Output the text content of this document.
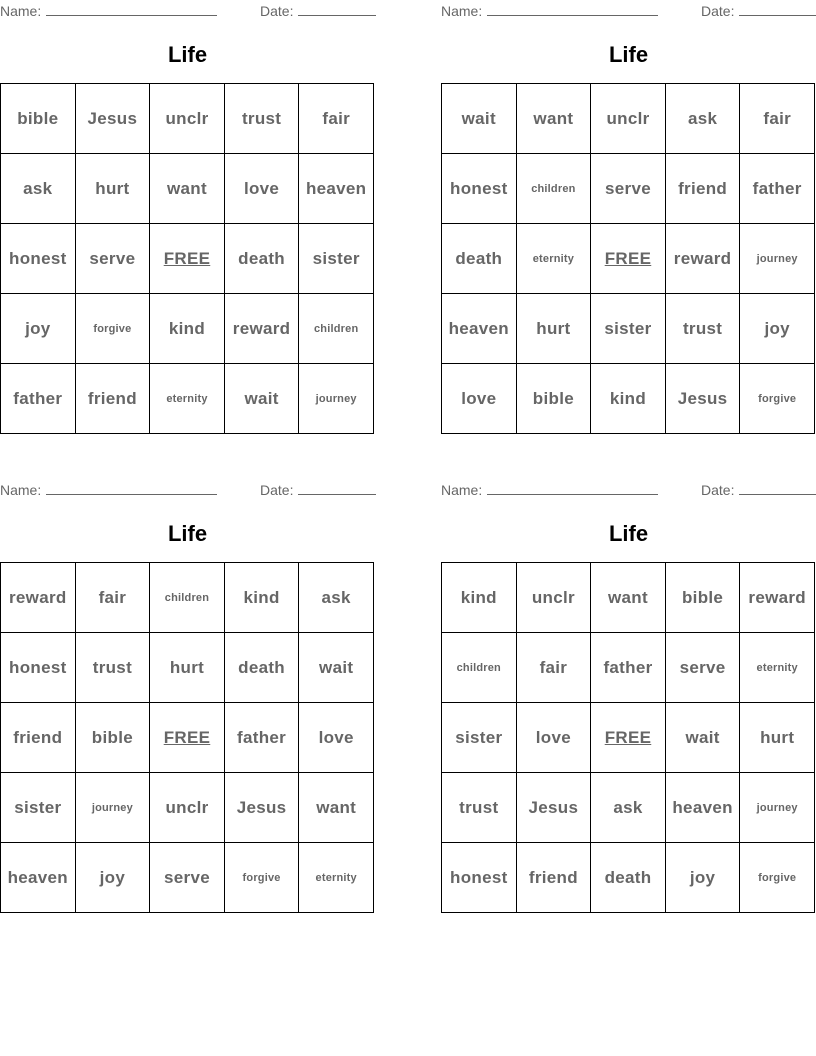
Name:	Date:
Life
bible	Jesus	unclr	trust	fair
ask	hurt	want	love	heaven
honest	serve	FREE	death	sister
joy	forgive	kind	reward	children
father	friend	eternity	wait	journey
Name:	Date:
Life
wait	want	unclr	ask	fair
honest	children	serve	friend	father
death	eternity	FREE	reward	journey
heaven	hurt	sister	trust	joy
love	bible	kind	Jesus	forgive
Name:	Date:
Life
reward	fair	children	kind	ask
honest	trust	hurt	death	wait
friend	bible	FREE	father	love
sister	journey	unclr	Jesus	want
heaven	joy	serve	forgive	eternity
Name:	Date:
Life
kind	unclr	want	bible	reward
children	fair	father	serve	eternity
sister	love	FREE	wait	hurt
trust	Jesus	ask	heaven	journey
honest	friend	death	joy	forgive
